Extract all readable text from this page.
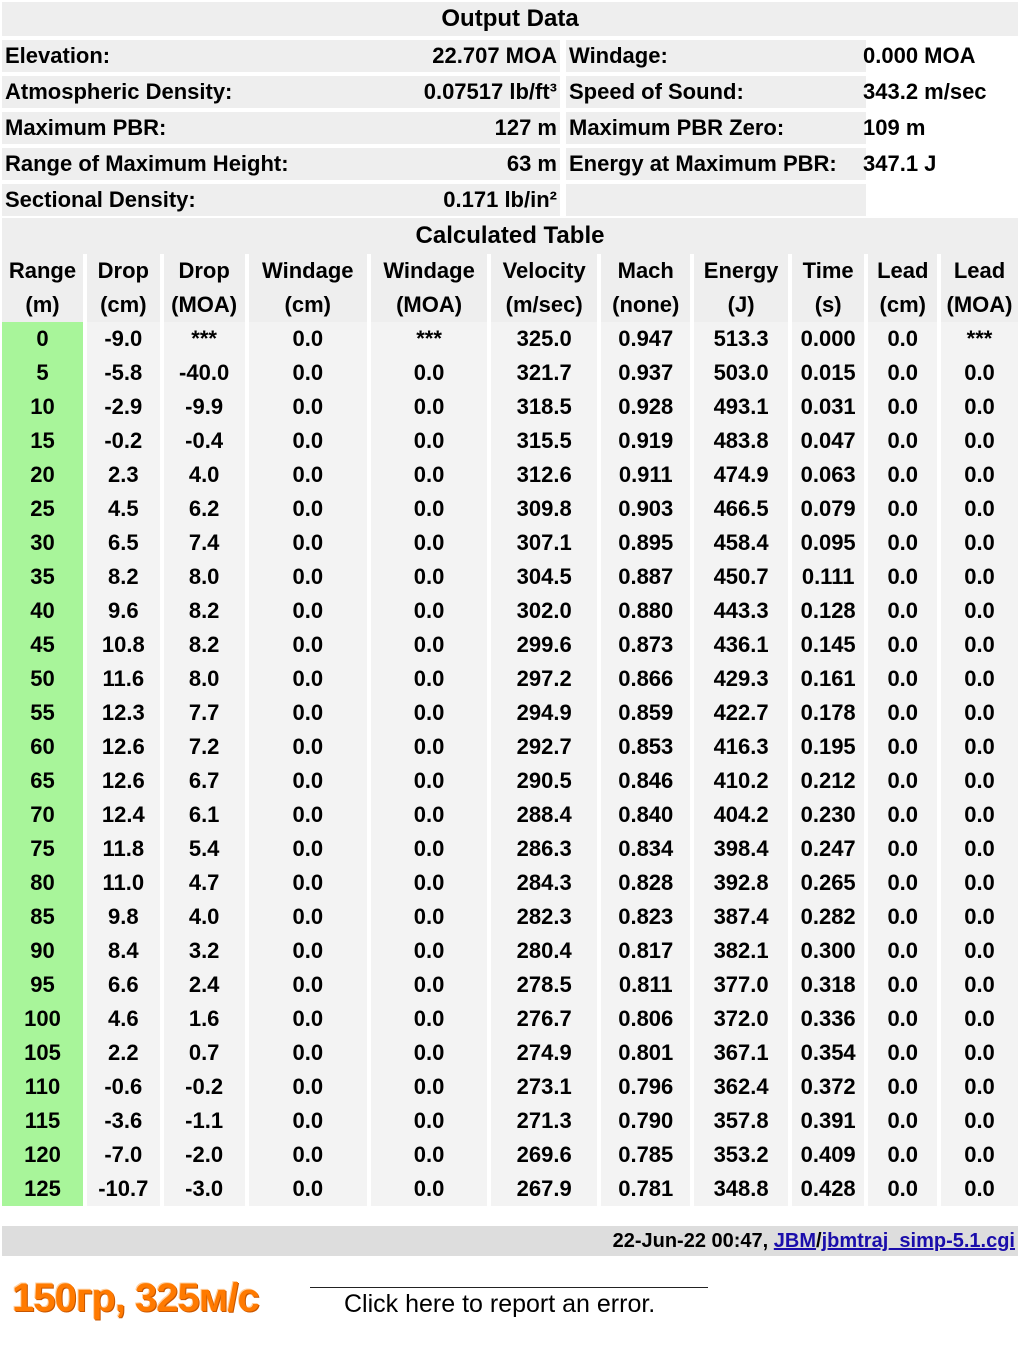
Output Data				
Elevation:	22.707 MOA		Windage:	0.000 MOA
Atmospheric Density:	0.07517 lb/ft³		Speed of Sound:	343.2 m/sec
Maximum PBR:	127 m		Maximum PBR Zero:	109 m
Range of Maximum Height:	63 m		Energy at Maximum PBR:	347.1 J
Sectional Density:	0.171 lb/in²			
Calculated Table										
Range	Drop	Drop	Windage	Windage	Velocity	Mach	Energy	Time	Lead	Lead
(m)	(cm)	(MOA)	(cm)	(MOA)	(m/sec)	(none)	(J)	(s)	(cm)	(MOA)
0	-9.0	***	0.0	***	325.0	0.947	513.3	0.000	0.0	***
5	-5.8	-40.0	0.0	0.0	321.7	0.937	503.0	0.015	0.0	0.0
10	-2.9	-9.9	0.0	0.0	318.5	0.928	493.1	0.031	0.0	0.0
15	-0.2	-0.4	0.0	0.0	315.5	0.919	483.8	0.047	0.0	0.0
20	2.3	4.0	0.0	0.0	312.6	0.911	474.9	0.063	0.0	0.0
25	4.5	6.2	0.0	0.0	309.8	0.903	466.5	0.079	0.0	0.0
30	6.5	7.4	0.0	0.0	307.1	0.895	458.4	0.095	0.0	0.0
35	8.2	8.0	0.0	0.0	304.5	0.887	450.7	0.111	0.0	0.0
40	9.6	8.2	0.0	0.0	302.0	0.880	443.3	0.128	0.0	0.0
45	10.8	8.2	0.0	0.0	299.6	0.873	436.1	0.145	0.0	0.0
50	11.6	8.0	0.0	0.0	297.2	0.866	429.3	0.161	0.0	0.0
55	12.3	7.7	0.0	0.0	294.9	0.859	422.7	0.178	0.0	0.0
60	12.6	7.2	0.0	0.0	292.7	0.853	416.3	0.195	0.0	0.0
65	12.6	6.7	0.0	0.0	290.5	0.846	410.2	0.212	0.0	0.0
70	12.4	6.1	0.0	0.0	288.4	0.840	404.2	0.230	0.0	0.0
75	11.8	5.4	0.0	0.0	286.3	0.834	398.4	0.247	0.0	0.0
80	11.0	4.7	0.0	0.0	284.3	0.828	392.8	0.265	0.0	0.0
85	9.8	4.0	0.0	0.0	282.3	0.823	387.4	0.282	0.0	0.0
90	8.4	3.2	0.0	0.0	280.4	0.817	382.1	0.300	0.0	0.0
95	6.6	2.4	0.0	0.0	278.5	0.811	377.0	0.318	0.0	0.0
100	4.6	1.6	0.0	0.0	276.7	0.806	372.0	0.336	0.0	0.0
105	2.2	0.7	0.0	0.0	274.9	0.801	367.1	0.354	0.0	0.0
110	-0.6	-0.2	0.0	0.0	273.1	0.796	362.4	0.372	0.0	0.0
115	-3.6	-1.1	0.0	0.0	271.3	0.790	357.8	0.391	0.0	0.0
120	-7.0	-2.0	0.0	0.0	269.6	0.785	353.2	0.409	0.0	0.0
125	-10.7	-3.0	0.0	0.0	267.9	0.781	348.8	0.428	0.0	0.0
22-Jun-22 00:47, JBM/jbmtraj_simp-5.1.cgi
150гр, 325м/с	Click here to report an error.
